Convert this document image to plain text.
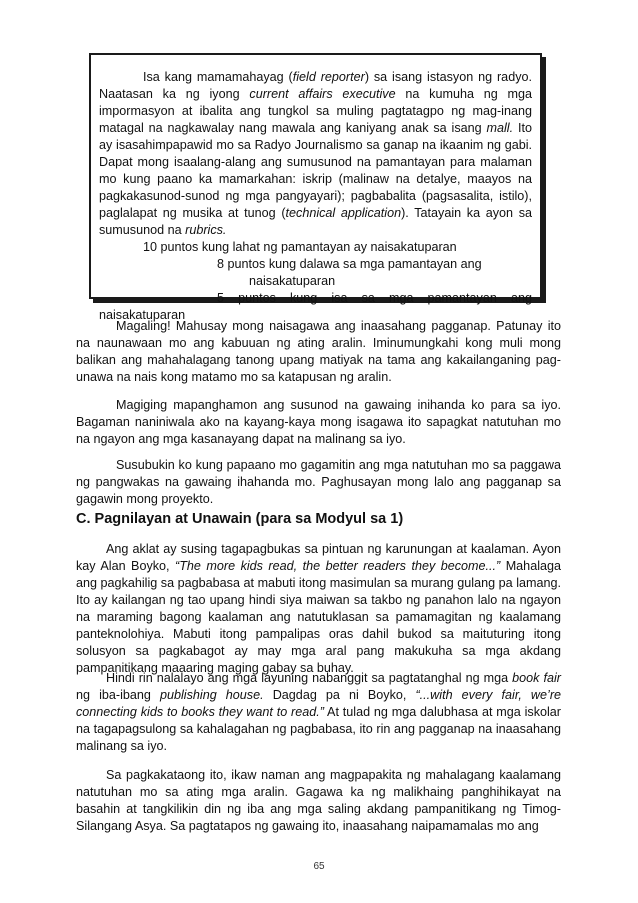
Isa kang mamamahayag (field reporter) sa isang istasyon ng radyo. Naatasan ka ng iyong current affairs executive na kumuha ng mga impormasyon at ibalita ang tungkol sa muling pagtatagpo ng mag-inang matagal na nagkawalay nang mawala ang kaniyang anak sa isang mall. Ito ay isasahimpapawid mo sa Radyo Journalismo sa ganap na ikaanim ng gabi. Dapat mong isaalang-alang ang sumusunod na pamantayan para malaman mo kung paano ka mamarkahan: iskrip (malinaw na detalye, maayos na pagkakasunod-sunod ng mga pangyayari); pagbabalita (pagsasalita, istilo), paglalapat ng musika at tunog (technical application). Tatayain ka ayon sa sumusunod na rubrics.

10 puntos kung lahat ng pamantayan ay naisakatuparan

8 puntos kung dalawa sa mga pamantayan ang

naisakatuparan

5 puntos kung isa sa mga pamantayan ang

naisakatuparan

Magaling! Mahusay mong naisagawa ang inaasahang pagganap. Patunay ito na naunawaan mo ang kabuuan ng ating aralin. Iminumungkahi kong muli mong balikan ang mahahalagang tanong upang matiyak na tama ang kakailanganing pag-unawa na nais kong matamo mo sa katapusan ng aralin.

Magiging mapanghamon ang susunod na gawaing inihanda ko para sa iyo. Bagaman naniniwala ako na kayang-kaya mong isagawa ito sapagkat natutuhan mo na ngayon ang mga kasanayang dapat na malinang sa iyo.

Susubukin ko kung papaano mo gagamitin ang mga natutuhan mo sa paggawa ng pangwakas na gawaing ihahanda mo. Paghusayan mong lalo ang pagganap sa gagawin mong proyekto.

C. Pagnilayan at Unawain (para sa Modyul sa 1)

Ang aklat ay susing tagapagbukas sa pintuan ng karunungan at kaalaman. Ayon kay Alan Boyko, “The more kids read, the better readers they become...” Mahalaga ang pagkahilig sa pagbabasa at mabuti itong masimulan sa murang gulang pa lamang. Ito ay kailangan ng tao upang hindi siya maiwan sa takbo ng panahon lalo na ngayon na maraming bagong kaalaman ang natutuklasan sa pamamagitan ng kaalamang panteknolohiya. Mabuti itong pampalipas oras dahil bukod sa maituturing itong solusyon sa pagkabagot ay may mga aral pang makukuha sa mga akdang pampanitikang maaaring maging gabay sa buhay.

Hindi rin nalalayo ang mga layuning nabanggit sa pagtatanghal ng mga book fair ng iba-ibang publishing house. Dagdag pa ni Boyko, “...with every fair, we’re connecting kids to books they want to read.” At tulad ng mga dalubhasa at mga iskolar na tagapagsulong sa kahalagahan ng pagbabasa, ito rin ang pagganap na inaasahang malinang sa iyo.

Sa pagkakataong ito, ikaw naman ang magpapakita ng mahalagang kaalamang natutuhan mo sa ating mga aralin. Gagawa ka ng malikhaing panghihikayat na basahin at tangkilikin din ng iba ang mga saling akdang pampanitikang ng Timog-Silangang Asya. Sa pagtatapos ng gawaing ito, inaasahang naipamamalas mo ang

65
